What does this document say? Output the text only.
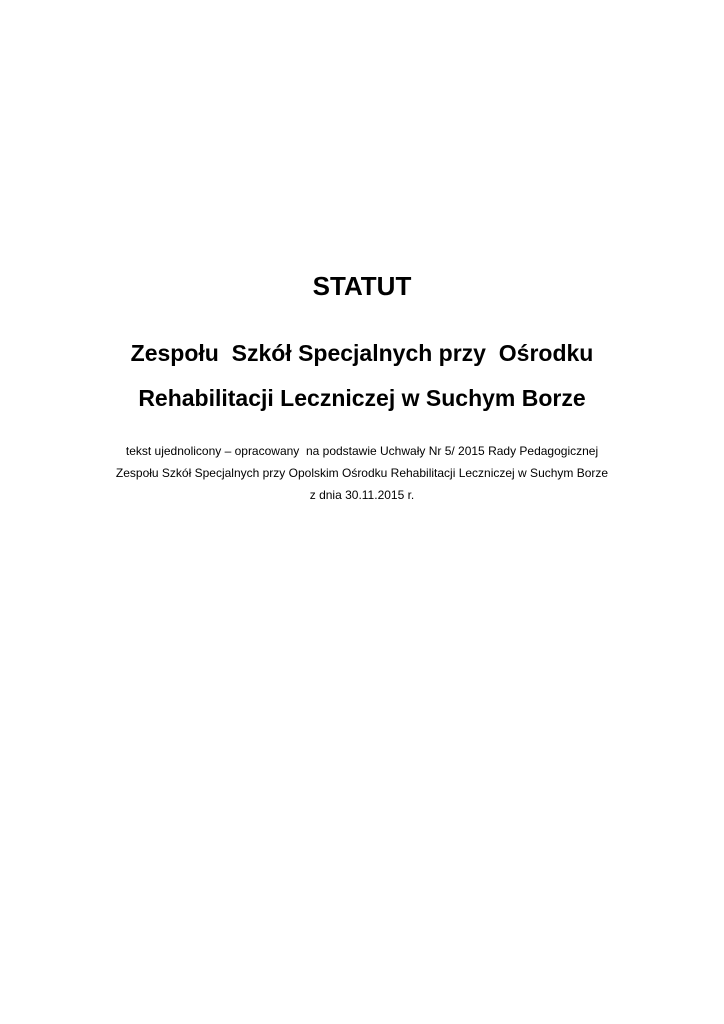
STATUT
Zespołu  Szkół Specjalnych przy  Ośrodku
Rehabilitacji Leczniczej w Suchym Borze
tekst ujednolicony – opracowany  na podstawie Uchwały Nr 5/ 2015 Rady Pedagogicznej
Zespołu Szkół Specjalnych przy Opolskim Ośrodku Rehabilitacji Leczniczej w Suchym Borze
z dnia 30.11.2015 r.
